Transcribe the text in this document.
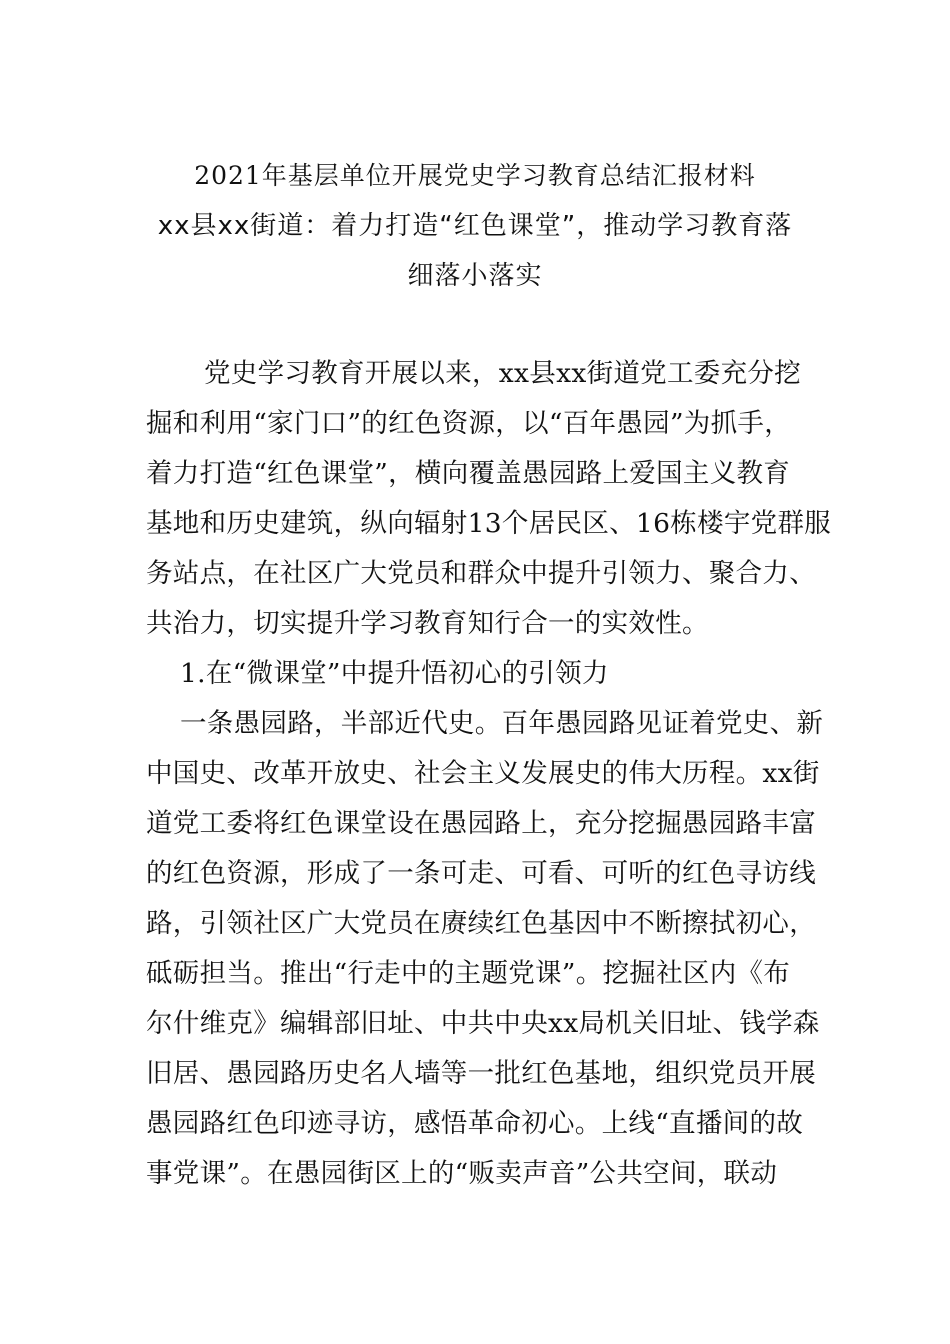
2021年基层单位开展党史学习教育总结汇报材料
xx县xx街道：着力打造“红色课堂”，推动学习教育落
细落小落实
党史学习教育开展以来，xx县xx街道党工委充分挖
掘和利用“家门口”的红色资源，以“百年愚园”为抓手，
着力打造“红色课堂”，横向覆盖愚园路上爱国主义教育
基地和历史建筑，纵向辐射13个居民区、16栋楼宇党群服
务站点，在社区广大党员和群众中提升引领力、聚合力、
共治力，切实提升学习教育知行合一的实效性。
1.在“微课堂”中提升悟初心的引领力
一条愚园路，半部近代史。百年愚园路见证着党史、新
中国史、改革开放史、社会主义发展史的伟大历程。xx街
道党工委将红色课堂设在愚园路上，充分挖掘愚园路丰富
的红色资源，形成了一条可走、可看、可听的红色寻访线
路，引领社区广大党员在赓续红色基因中不断擦拭初心，
砥砺担当。推出“行走中的主题党课”。挖掘社区内《布
尔什维克》编辑部旧址、中共中央xx局机关旧址、钱学森
旧居、愚园路历史名人墙等一批红色基地，组织党员开展
愚园路红色印迹寻访，感悟革命初心。上线“直播间的故
事党课”。在愚园街区上的“贩卖声音”公共空间，联动
